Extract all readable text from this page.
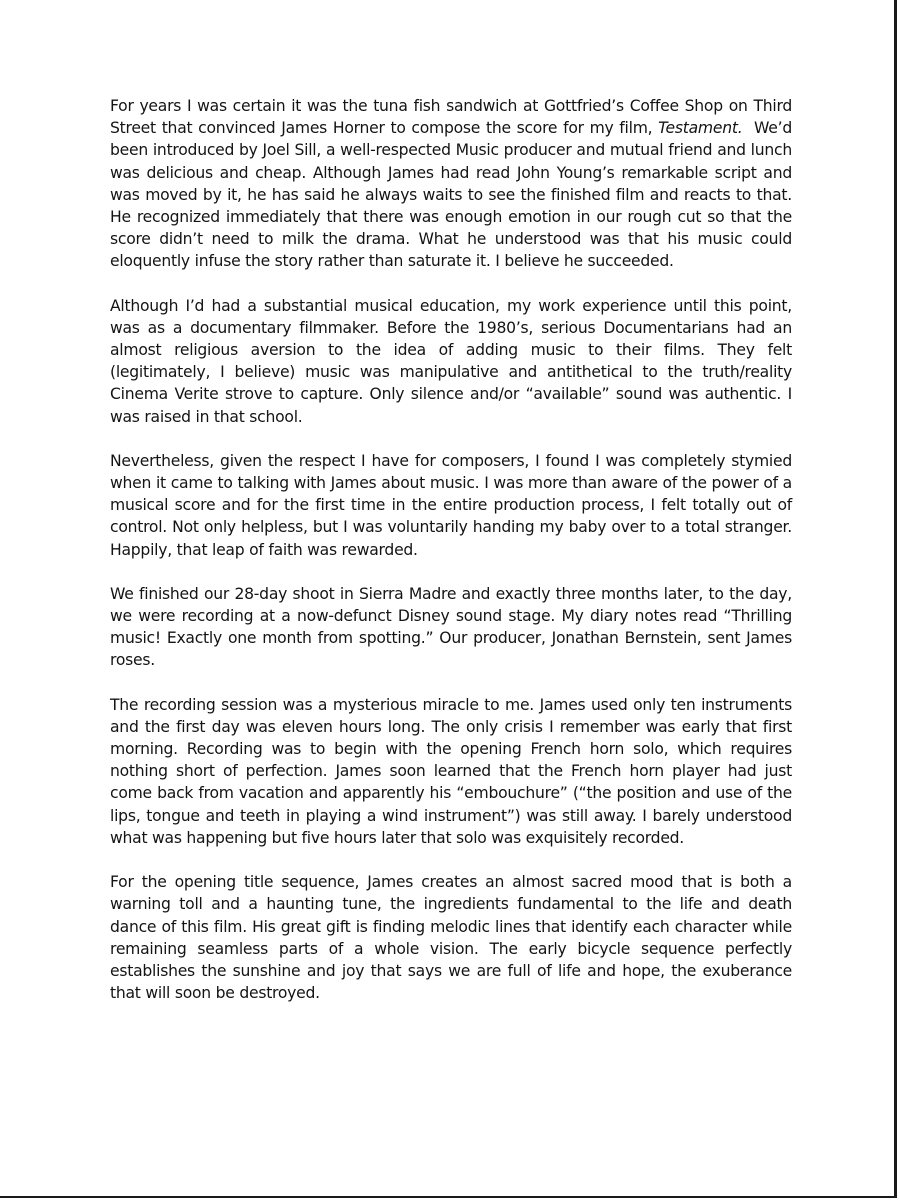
For years I was certain it was the tuna fish sandwich at Gottfried’s Coffee Shop on Third Street that convinced James Horner to compose the score for my film, Testament.  We’d been introduced by Joel Sill, a well-respected Music producer and mutual friend and lunch was delicious and cheap. Although James had read John Young’s remarkable script and was moved by it, he has said he always waits to see the finished film and reacts to that. He recognized immediately that there was enough emotion in our rough cut so that the score didn’t need to milk the drama. What he understood was that his music could eloquently infuse the story rather than saturate it. I believe he succeeded.

Although I’d had a substantial musical education, my work experience until this point, was as a documentary filmmaker. Before the 1980’s, serious Documentarians had an almost religious aversion to the idea of adding music to their films. They felt (legitimately, I believe) music was manipulative and antithetical to the truth/reality Cinema Verite strove to capture. Only silence and/or “available” sound was authentic. I was raised in that school.

Nevertheless, given the respect I have for composers, I found I was completely stymied when it came to talking with James about music. I was more than aware of the power of a musical score and for the first time in the entire production process, I felt totally out of control. Not only helpless, but I was voluntarily handing my baby over to a total stranger. Happily, that leap of faith was rewarded.

We finished our 28-day shoot in Sierra Madre and exactly three months later, to the day, we were recording at a now-defunct Disney sound stage. My diary notes read “Thrilling music! Exactly one month from spotting.” Our producer, Jonathan Bernstein, sent James roses.

The recording session was a mysterious miracle to me. James used only ten instruments and the first day was eleven hours long. The only crisis I remember was early that first morning. Recording was to begin with the opening French horn solo, which requires nothing short of perfection. James soon learned that the French horn player had just come back from vacation and apparently his “embouchure” (“the position and use of the lips, tongue and teeth in playing a wind instrument”) was still away. I barely understood what was happening but five hours later that solo was exquisitely recorded.

For the opening title sequence, James creates an almost sacred mood that is both a warning toll and a haunting tune, the ingredients fundamental to the life and death dance of this film. His great gift is finding melodic lines that identify each character while remaining seamless parts of a whole vision. The early bicycle sequence perfectly establishes the sunshine and joy that says we are full of life and hope, the exuberance that will soon be destroyed.
